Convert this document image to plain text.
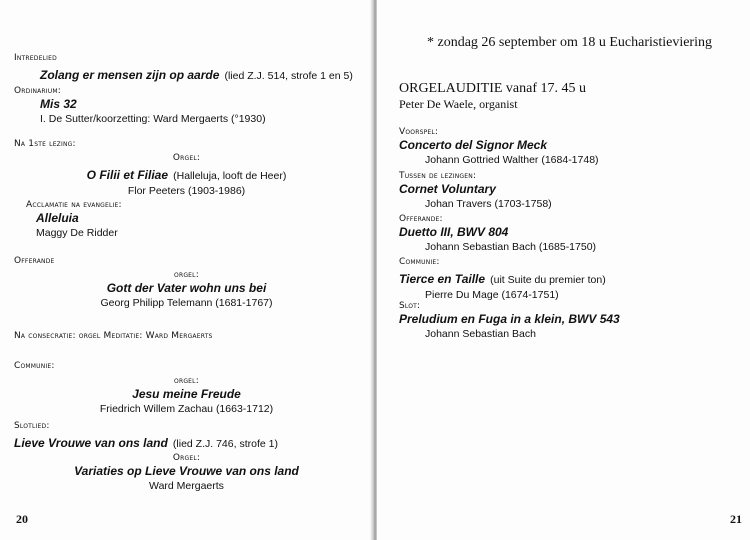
Intredelied
Zolang er mensen zijn op aarde (lied Z.J. 514, strofe 1 en 5)
Ordinarium:
Mis 32
I. De Sutter/koorzetting: Ward Mergaerts (°1930)
Na 1ste lezing:
Orgel:
O Filii et Filiae (Halleluja, looft de Heer)
Flor Peeters (1903-1986)
Acclamatie na evangelie:
Alleluia
Maggy De Ridder
Offerande
orgel:
Gott der Vater wohn uns bei
Georg Philipp Telemann (1681-1767)
Na consecratie: orgel Meditatie: Ward Mergaerts
Communie:
orgel:
Jesu meine Freude
Friedrich Willem Zachau (1663-1712)
Slotlied:
Lieve Vrouwe van ons land (lied Z.J. 746, strofe 1)
Orgel:
Variaties op Lieve Vrouwe van ons land
Ward Mergaerts
20
* zondag 26 september om 18 u Eucharistieviering
ORGELAUDITIE vanaf 17. 45 u
Peter De Waele, organist
Voorspel:
Concerto del Signor Meck
Johann Gottried Walther (1684-1748)
Tussen de lezingen:
Cornet Voluntary
Johan Travers (1703-1758)
Offerande:
Duetto III, BWV 804
Johann Sebastian Bach (1685-1750)
Communie:
Tierce en Taille (uit Suite du premier ton)
Pierre Du Mage (1674-1751)
Slot:
Preludium en Fuga in a klein, BWV 543
Johann Sebastian Bach
21
